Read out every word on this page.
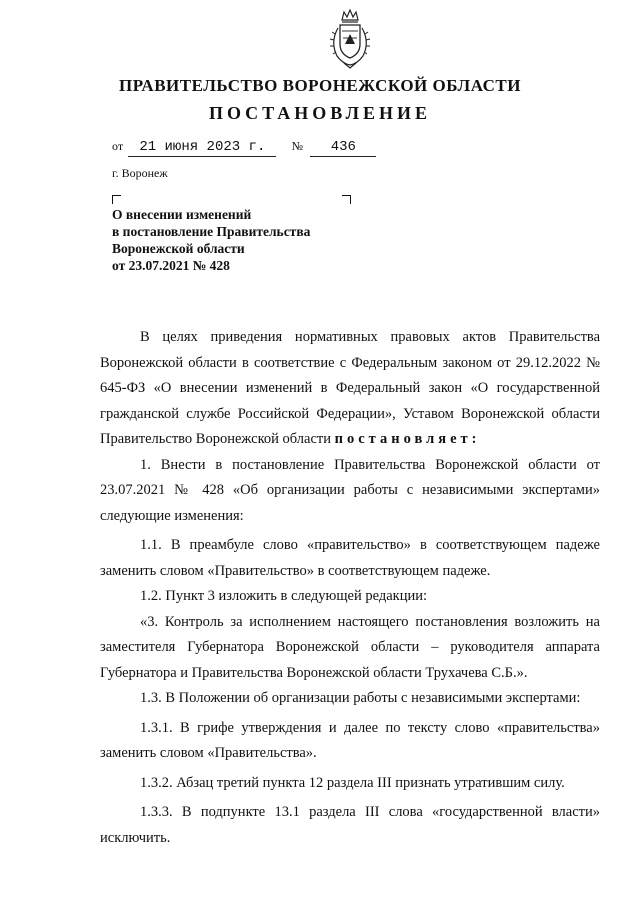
ПРАВИТЕЛЬСТВО ВОРОНЕЖСКОЙ ОБЛАСТИ
ПОСТАНОВЛЕНИЕ
от 21 июня 2023 г. № 436
г. Воронеж
О внесении изменений
в постановление Правительства
Воронежской области
от 23.07.2021 № 428

В целях приведения нормативных правовых актов Правительства Воронежской области в соответствие с Федеральным законом от 29.12.2022 № 645-ФЗ «О внесении изменений в Федеральный закон «О государственной гражданской службе Российской Федерации», Уставом Воронежской области Правительство Воронежской области постановляет:

1. Внести в постановление Правительства Воронежской области от 23.07.2021 № 428 «Об организации работы с независимыми экспертами» следующие изменения:

1.1. В преамбуле слово «правительство» в соответствующем падеже заменить словом «Правительство» в соответствующем падеже.

1.2. Пункт 3 изложить в следующей редакции:

«3. Контроль за исполнением настоящего постановления возложить на заместителя Губернатора Воронежской области – руководителя аппарата Губернатора и Правительства Воронежской области Трухачева С.Б.».

1.3. В Положении об организации работы с независимыми экспертами:

1.3.1. В грифе утверждения и далее по тексту слово «правительства» заменить словом «Правительства».

1.3.2. Абзац третий пункта 12 раздела III признать утратившим силу.

1.3.3. В подпункте 13.1 раздела III слова «государственной власти» исключить.
